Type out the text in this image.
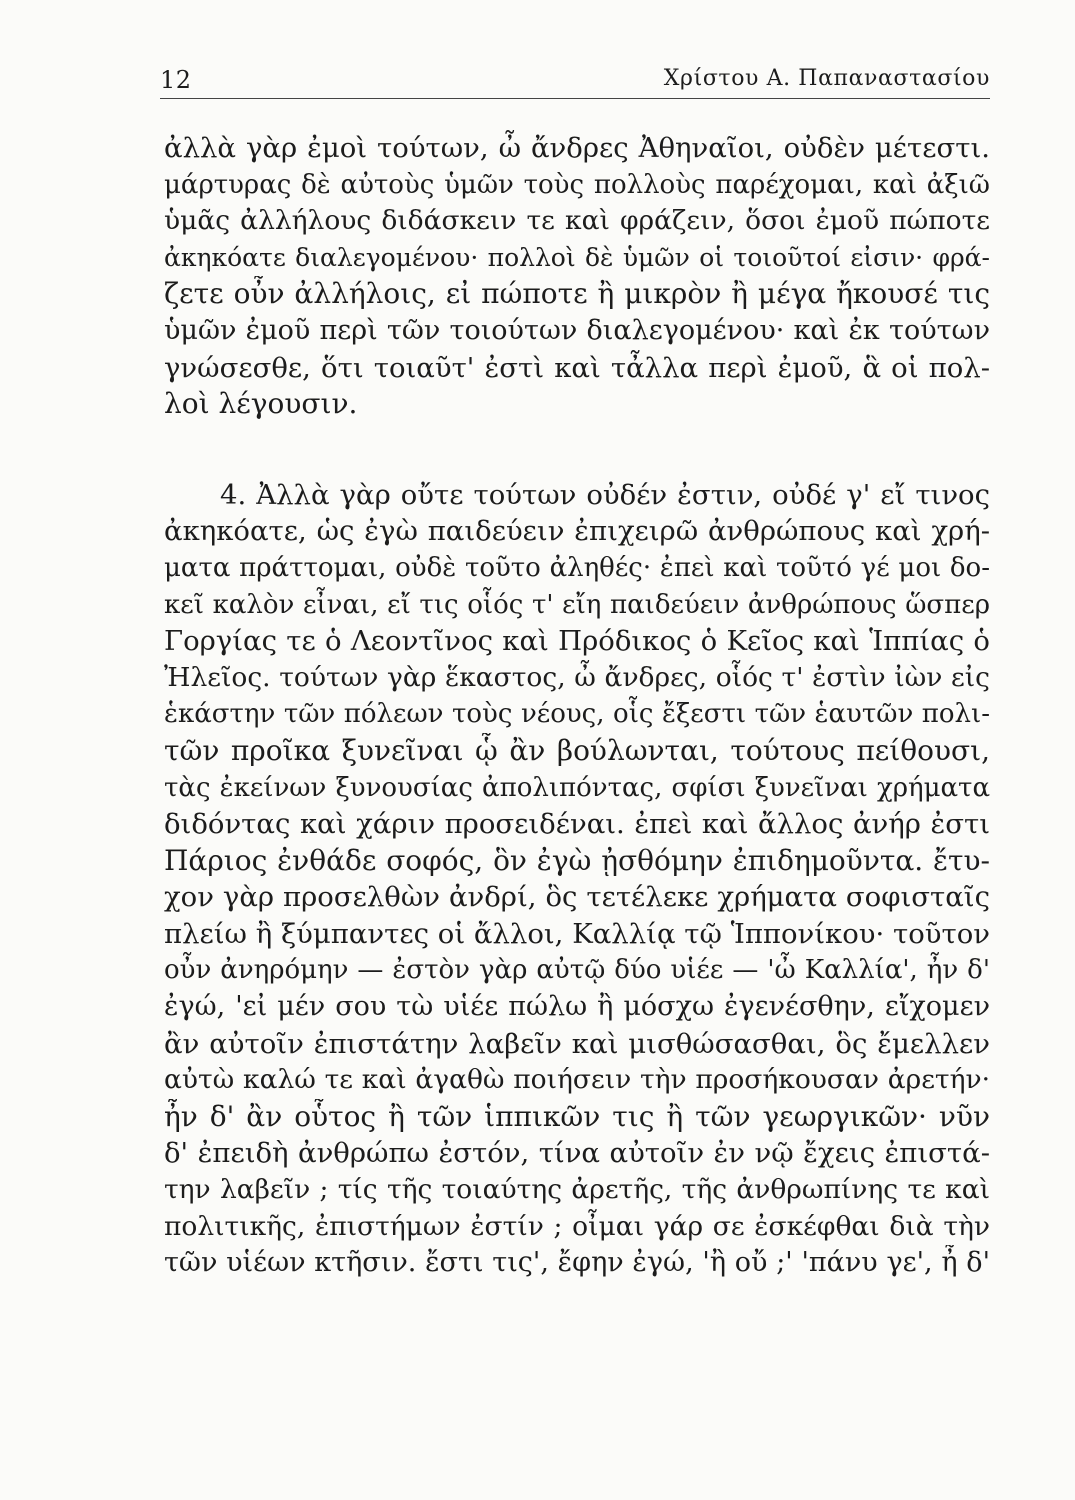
12	Χρίστου Α. Παπαναστασίου
ἀλλὰ γὰρ ἐμοὶ τούτων, ὦ ἄνδρες Ἀθηναῖοι, οὐδὲν μέτεστι.
μάρτυρας δὲ αὐτοὺς ὑμῶν τοὺς πολλοὺς παρέχομαι, καὶ ἀξιῶ
ὑμᾶς ἀλλήλους διδάσκειν τε καὶ φράζειν, ὅσοι ἐμοῦ πώποτε
ἀκηκόατε διαλεγομένου· πολλοὶ δὲ ὑμῶν οἱ τοιοῦτοί εἰσιν· φρά-
ζετε οὖν ἀλλήλοις, εἰ πώποτε ἢ μικρὸν ἢ μέγα ἤκουσέ τις
ὑμῶν ἐμοῦ περὶ τῶν τοιούτων διαλεγομένου· καὶ ἐκ τούτων
γνώσεσθε, ὅτι τοιαῦτ' ἐστὶ καὶ τἆλλα περὶ ἐμοῦ, ἃ οἱ πολ-
λοὶ λέγουσιν.
4. Ἀλλὰ γὰρ οὔτε τούτων οὐδέν ἐστιν, οὐδέ γ' εἴ τινος
ἀκηκόατε, ὡς ἐγὼ παιδεύειν ἐπιχειρῶ ἀνθρώπους καὶ χρή-
ματα πράττομαι, οὐδὲ τοῦτο ἀληθές· ἐπεὶ καὶ τοῦτό γέ μοι δο-
κεῖ καλὸν εἶναι, εἴ τις οἷός τ' εἴη παιδεύειν ἀνθρώπους ὥσπερ
Γοργίας τε ὁ Λεοντῖνος καὶ Πρόδικος ὁ Κεῖος καὶ Ἱππίας ὁ
Ἠλεῖος. τούτων γὰρ ἕκαστος, ὦ ἄνδρες, οἷός τ' ἐστὶν ἰὼν εἰς
ἑκάστην τῶν πόλεων τοὺς νέους, οἷς ἔξεστι τῶν ἑαυτῶν πολι-
τῶν προῖκα ξυνεῖναι ᾧ ἂν βούλωνται, τούτους πείθουσι,
τὰς ἐκείνων ξυνουσίας ἀπολιπόντας, σφίσι ξυνεῖναι χρήματα
διδόντας καὶ χάριν προσειδέναι. ἐπεὶ καὶ ἄλλος ἀνήρ ἐστι
Πάριος ἐνθάδε σοφός, ὃν ἐγὼ ᾐσθόμην ἐπιδημοῦντα. ἔτυ-
χον γὰρ προσελθὼν ἀνδρί, ὃς τετέλεκε χρήματα σοφισταῖς
πλείω ἢ ξύμπαντες οἱ ἄλλοι, Καλλίᾳ τῷ Ἱππονίκου· τοῦτον
οὖν ἀνηρόμην — ἐστὸν γὰρ αὐτῷ δύο υἱέε — 'ὦ Καλλία', ἦν δ'
ἐγώ, 'εἰ μέν σου τὼ υἱέε πώλω ἢ μόσχω ἐγενέσθην, εἴχομεν
ἂν αὐτοῖν ἐπιστάτην λαβεῖν καὶ μισθώσασθαι, ὃς ἔμελλεν
αὐτὼ καλώ τε καὶ ἀγαθὼ ποιήσειν τὴν προσήκουσαν ἀρετήν·
ἦν δ' ἂν οὗτος ἢ τῶν ἱππικῶν τις ἢ τῶν γεωργικῶν· νῦν
δ' ἐπειδὴ ἀνθρώπω ἐστόν, τίνα αὐτοῖν ἐν νῷ ἔχεις ἐπιστά-
την λαβεῖν ; τίς τῆς τοιαύτης ἀρετῆς, τῆς ἀνθρωπίνης τε καὶ
πολιτικῆς, ἐπιστήμων ἐστίν ; οἶμαι γάρ σε ἐσκέφθαι διὰ τὴν
τῶν υἱέων κτῆσιν. ἔστι τις', ἔφην ἐγώ, 'ἢ οὔ ;' 'πάνυ γε', ἦ δ'
